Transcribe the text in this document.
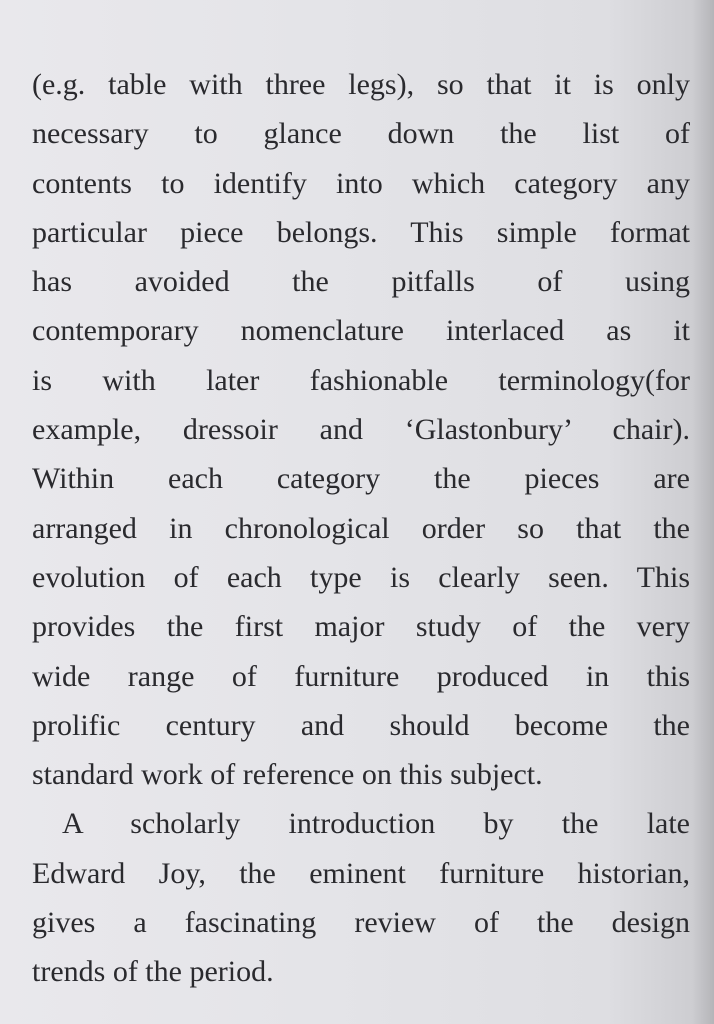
(e.g. table with three legs), so that it is only
necessary to glance down the list of
contents to identify into which category any
particular piece belongs. This simple format
has avoided the pitfalls of using
contemporary nomenclature interlaced as it
is with later fashionable terminology(for
example, dressoir and ‘Glastonbury’ chair).
Within each category the pieces are
arranged in chronological order so that the
evolution of each type is clearly seen. This
provides the first major study of the very
wide range of furniture produced in this
prolific century and should become the
standard work of reference on this subject.
A scholarly introduction by the late
Edward Joy, the eminent furniture historian,
gives a fascinating review of the design
trends of the period.
